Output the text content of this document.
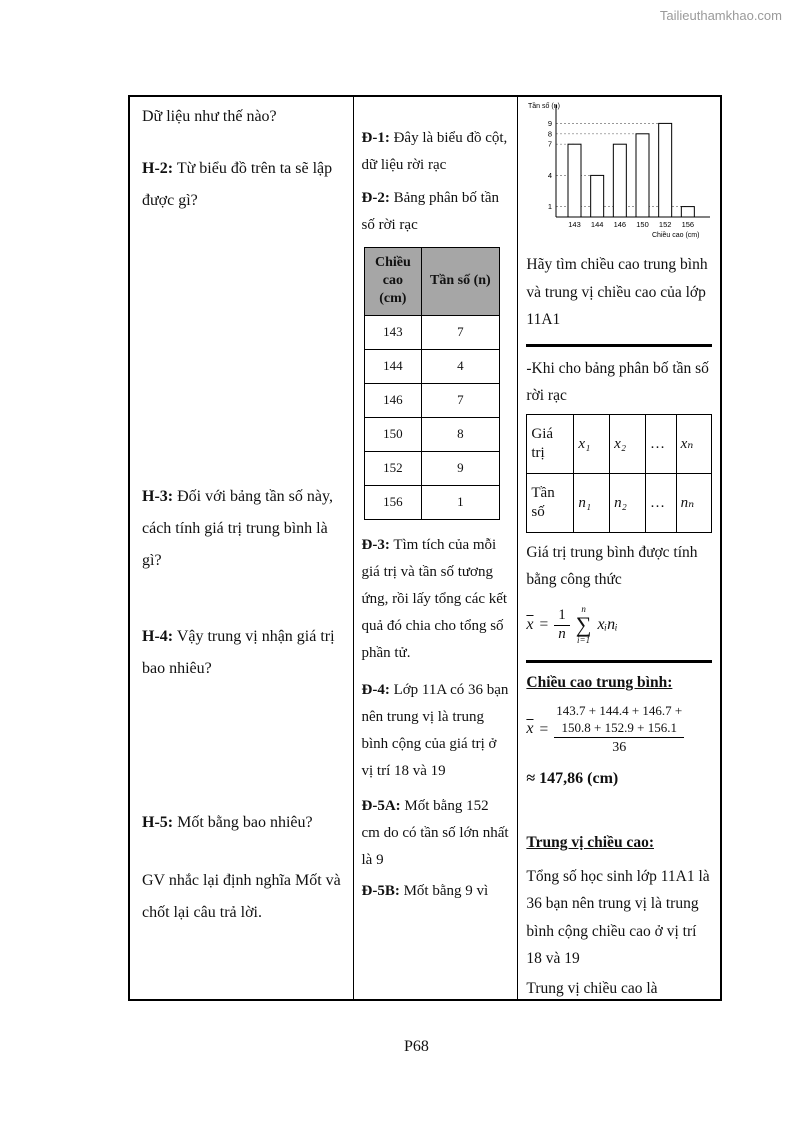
Tailieuthamkhao.com

Dữ liệu như thế nào?

H-2: Từ biểu đồ trên ta sẽ lập được gì?

H-3: Đối với bảng tần số này, cách tính giá trị trung bình là gì?

H-4: Vậy trung vị nhận giá trị bao nhiêu?

H-5: Mốt bằng bao nhiêu?

GV nhắc lại định nghĩa Mốt và chốt lại câu trả lời.

Đ-1: Đây là biểu đồ cột, dữ liệu rời rạc

Đ-2: Bảng phân bố tần số rời rạc

Chiều cao (cm)	Tần số (n)
143	7
144	4
146	7
150	8
152	9
156	1

Đ-3: Tìm tích của mỗi giá trị và tần số tương ứng, rồi lấy tổng các kết quả đó chia cho tổng số phần tử.

Đ-4: Lớp 11A có 36 bạn nên trung vị là trung bình cộng của giá trị ở vị trí 18 và 19

Đ-5A: Mốt bằng 152 cm do có tần số lớn nhất là 9

Đ-5B: Mốt bằng 9 vì

143 144 146 150 152 156
1
4
7
8
9
Tần số (n)
Chiều cao (cm)

Hãy tìm chiều cao trung bình và trung vị chiều cao của lớp 11A1

-Khi cho bảng phân bố tần số rời rạc

Giá trị	x₁	x₂	…	xₙ
Tần số	n₁	n₂	…	nₙ

Giá trị trung bình được tính bằng công thức

$\overline{x} = \frac{1}{n}$ n
∑
i=1
xᵢnᵢ

Chiều cao trung bình:

$\overline{x} = 143.7 + 144.4 + 146.7$ +
150.8 + 152.9 + 156.1
36

≈ 147,86 (cm)

Trung vị chiều cao:

Tổng số học sinh lớp 11A1 là 36 bạn nên trung vị là trung bình cộng chiều cao ở vị trí 18 và 19

Trung vị chiều cao là

P68
